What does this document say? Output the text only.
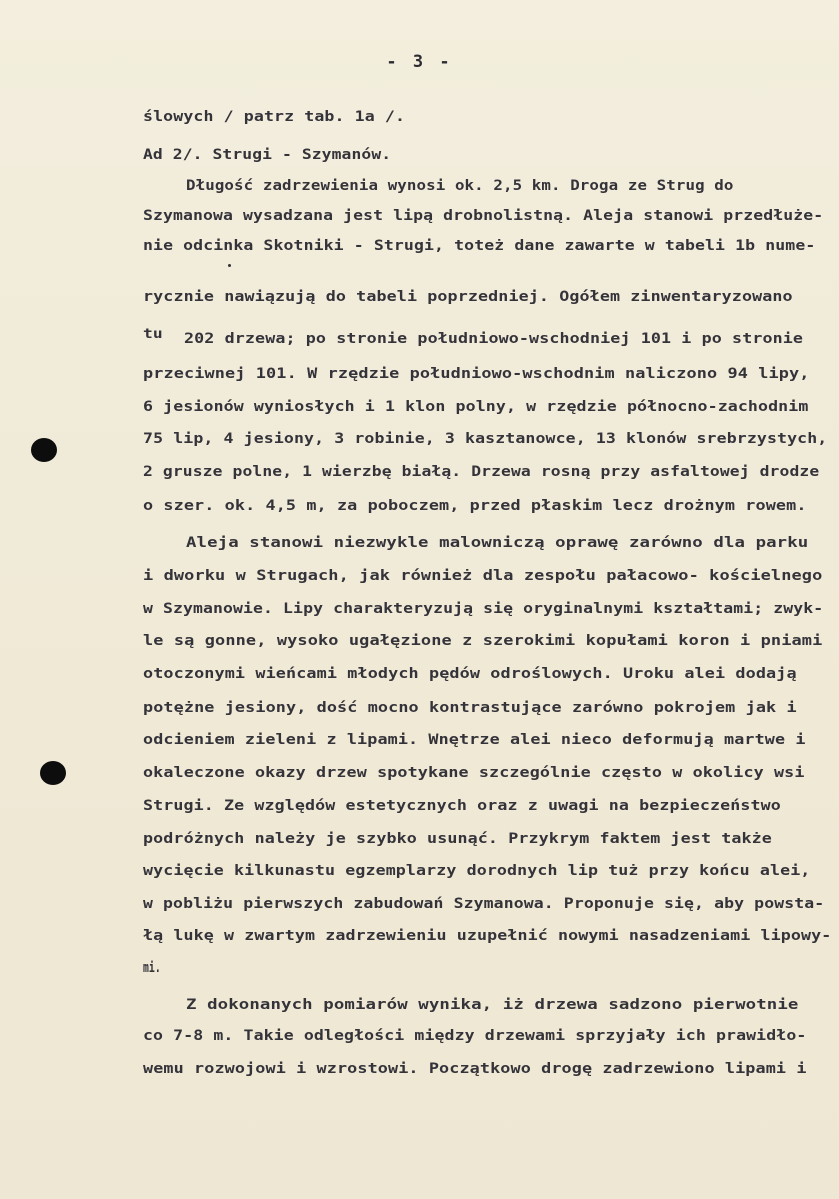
- 3 -
ślowych / patrz tab. 1a /.
Ad 2/. Strugi - Szymanów.
Długość zadrzewienia wynosi ok. 2,5 km. Droga ze Strug do
Szymanowa wysadzana jest lipą drobnolistną. Aleja stanowi przedłuże-
nie odcinka Skotniki - Strugi, toteż dane zawarte w tabeli 1b nume-
rycznie nawiązują do tabeli poprzedniej. Ogółem zinwentaryzowano
tu 202 drzewa; po stronie południowo-wschodniej 101 i po stronie
przeciwnej 101. W rzędzie południowo-wschodnim naliczono 94 lipy,
6 jesionów wyniosłych i 1 klon polny, w rzędzie północno-zachodnim
75 lip, 4 jesiony, 3 robinie, 3 kasztanowce, 13 klonów srebrzystych,
2 grusze polne, 1 wierzbę białą. Drzewa rosną przy asfaltowej drodze
o szer. ok. 4,5 m, za poboczem, przed płaskim lecz drożnym rowem.
Aleja stanowi niezwykle malowniczą oprawę zarówno dla parku
i dworku w Strugach, jak również dla zespołu pałacowo- kościelnego
w Szymanowie. Lipy charakteryzują się oryginalnymi kształtami; zwyk-
le są gonne, wysoko ugałęzione z szerokimi kopułami koron i pniami
otoczonymi wieńcami młodych pędów odroślowych. Uroku alei dodają
potężne jesiony, dość mocno kontrastujące zarówno pokrojem jak i
odcieniem zieleni z lipami. Wnętrze alei nieco deformują martwe i
okaleczone okazy drzew spotykane szczególnie często w okolicy wsi
Strugi. Ze względów estetycznych oraz z uwagi na bezpieczeństwo
podróżnych należy je szybko usunąć. Przykrym faktem jest także
wycięcie kilkunastu egzemplarzy dorodnych lip tuż przy końcu alei,
w pobliżu pierwszych zabudowań Szymanowa. Proponuje się, aby powsta-
łą lukę w zwartym zadrzewieniu uzupełnić nowymi nasadzeniami lipowy-
mi.
Z dokonanych pomiarów wynika, iż drzewa sadzono pierwotnie
co 7-8 m. Takie odległości między drzewami sprzyjały ich prawidło-
wemu rozwojowi i wzrostowi. Początkowo drogę zadrzewiono lipami i
